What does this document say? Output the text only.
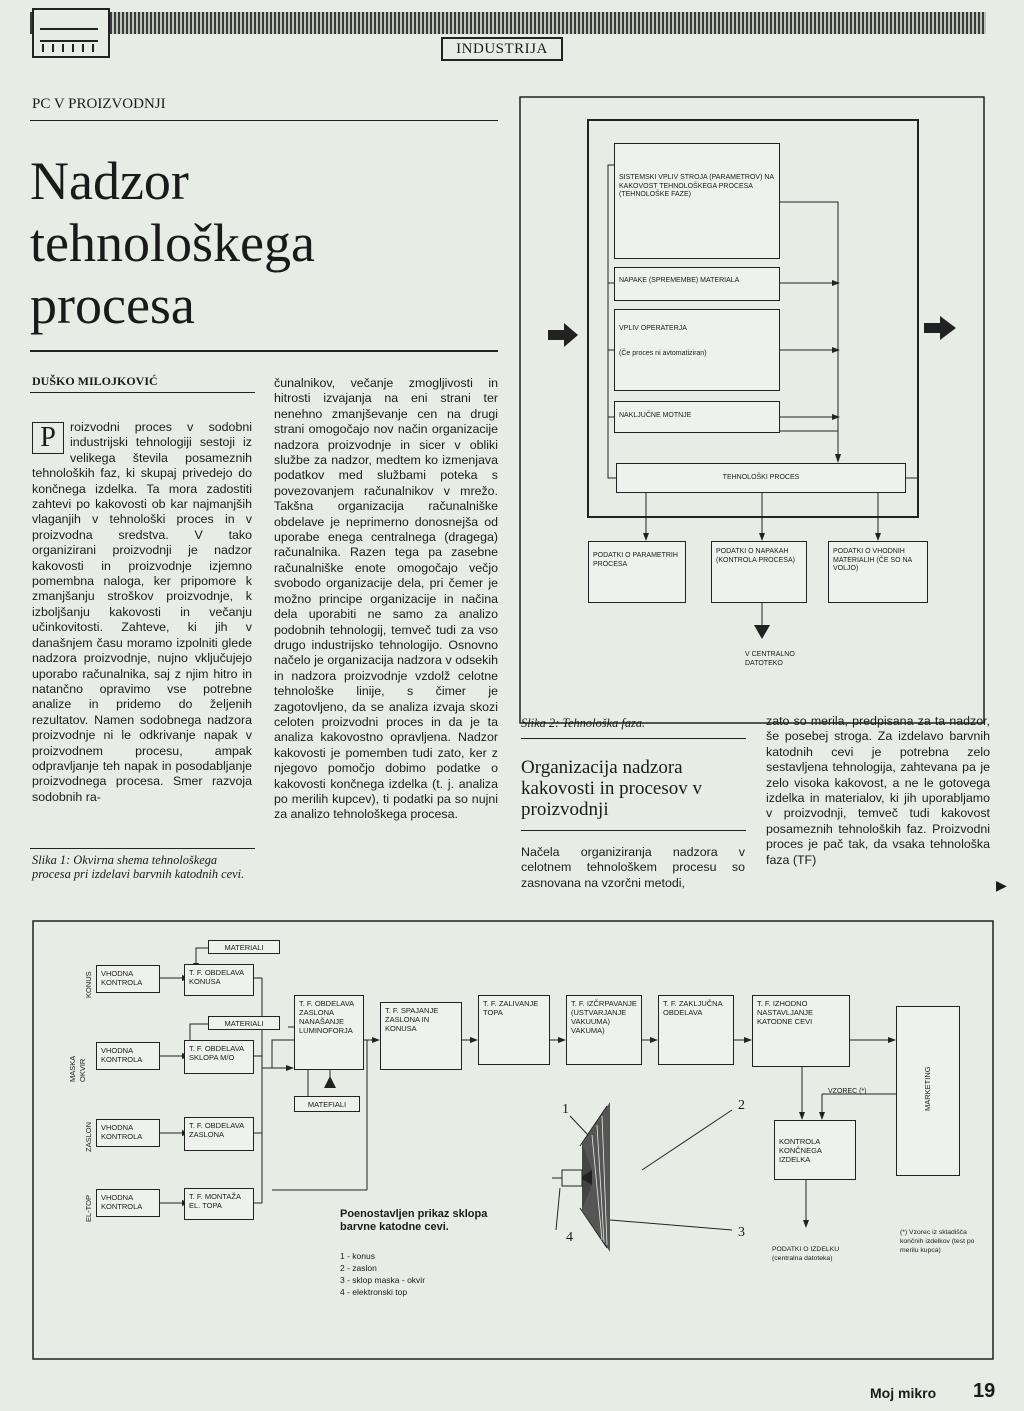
INDUSTRIJA
PC V PROIZVODNJI
Nadzor
tehnološkega
procesa
DUŠKO MILOJKOVIĆ
P	roizvodni proces v sodobni industrijski tehnologiji sestoji iz velikega števila posameznih tehnoloških faz, ki skupaj privedejo do končnega izdelka. Ta mora zadostiti zahtevi po kakovosti ob kar najmanjših vlaganjih v tehnološki proces in v proizvodna sredstva. V tako organizirani proizvodnji je nadzor kakovosti in proizvodnje izjemno pomembna naloga, ker pripomore k zmanjšanju stroškov proizvodnje, k izboljšanju kakovosti in večanju učinkovitosti. Zahteve, ki jih v današnjem času moramo izpolniti glede nadzora proizvodnje, nujno vključujejo uporabo računalnika, saj z njim hitro in natančno opravimo vse potrebne analize in pridemo do željenih rezultatov. Namen sodobnega nadzora proizvodnje ni le odkrivanje napak v proizvodnem procesu, ampak odpravljanje teh napak in posodabljanje proizvodnega procesa. Smer razvoja sodobnih ra-
čunalnikov, večanje zmogljivosti in hitrosti izvajanja na eni strani ter nenehno zmanjševanje cen na drugi strani omogočajo nov način organizacije nadzora proizvodnje in sicer v obliki službe za nadzor, medtem ko izmenjava podatkov med službami poteka s povezovanjem računalnikov v mrežo. Takšna organizacija računalniške obdelave je neprimerno donosnejša od uporabe enega centralnega (dragega) računalnika. Razen tega pa zasebne računalniške enote omogočajo večjo svobodo organizacije dela, pri čemer je možno principe organizacije in načina dela uporabiti ne samo za analizo podobnih tehnologij, temveč tudi za vso drugo industrijsko tehnologijo. Osnovno načelo je organizacija nadzora v odsekih in nadzora proizvodnje vzdolž celotne tehnološke linije, s čimer je zagotovljeno, da se analiza izvaja skozi celoten proizvodni proces in da je ta analiza kakovostno opravljena. Nadzor kakovosti je pomemben tudi zato, ker z njegovo pomočjo dobimo podatke o kakovosti končnega izdelka (t. j. analiza po merilih kupcev), ti podatki pa so nujni za analizo tehnološkega procesa.
Slika 1: Okvirna shema tehnološkega procesa pri izdelavi barvnih katodnih cevi.
SISTEMSKI VPLIV STROJA (PARAMETROV) NA KAKOVOST TEHNOLOŠKEGA PROCESA (TEHNOLOŠKE FAZE)
NAPAKE (SPREMEMBE) MATERIALA
VPLIV OPERATERJA
(Če proces ni avtomatiziran)
NAKLJUČNE MOTNJE
TEHNOLOŠKI PROCES
PODATKI O PARAMETRIH PROCESA
PODATKI O NAPAKAH (KONTROLA PROCESA)
PODATKI O VHODNIH MATERIALIH (ČE SO NA VOLJO)
V CENTRALNO DATOTEKO
Slika 2: Tehnološka faza.
Organizacija nadzora kakovosti in procesov v proizvodnji
Načela organiziranja nadzora v celotnem tehnološkem procesu so zasnovana na vzorčni metodi,
zato so merila, predpisana za ta nadzor, še posebej stroga. Za izdelavo barvnih katodnih cevi je potrebna zelo sestavljena tehnologija, zahtevana pa je zelo visoka kakovost, a ne le gotovega izdelka in materialov, ki jih uporabljamo v proizvodnji, temveč tudi kakovost posameznih tehnoloških faz. Proizvodni proces je pač tak, da vsaka tehnološka faza (TF)
▶
KONUS
MASKA OKVIR
ZASLON
EL-TOP
VHODNA KONTROLA
VHODNA KONTROLA
VHODNA KONTROLA
VHODNA KONTROLA
MATERIALI
MATERIALI
MATEFIALI
T. F. OBDELAVA KONUSA
T. F. OBDELAVA SKLOPA M/O
T. F. OBDELAVA ZASLONA
T. F. MONTAŽA EL. TOPA
T. F. OBDELAVA ZASLONA NANAŠANJE LUMINOFORJA
T. F. SPAJANJE ZASLONA IN KONUSA
T. F. ZALIVANJE TOPA
T. F. IZČRPAVANJE (USTVARJANJE VAKUUMA) VAKUMA)
T. F. ZAKLJUČNA OBDELAVA
T. F. IZHODNO NASTAVLJANJE KATODNE CEVI
MARKETING
VZOREC (*)
KONTROLA KONČNEGA IZDELKA
PODATKI O IZDELKU (centralna datoteka)
(*) Vzorec iz skladišča končnih izdelkov (test po merilu kupca)
1	2
3
4
Poenostavljen prikaz sklopa barvne katodne cevi.
1 - konus
2 - zaslon
3 - sklop maska - okvir
4 - elektronski top
Moj mikro 19
